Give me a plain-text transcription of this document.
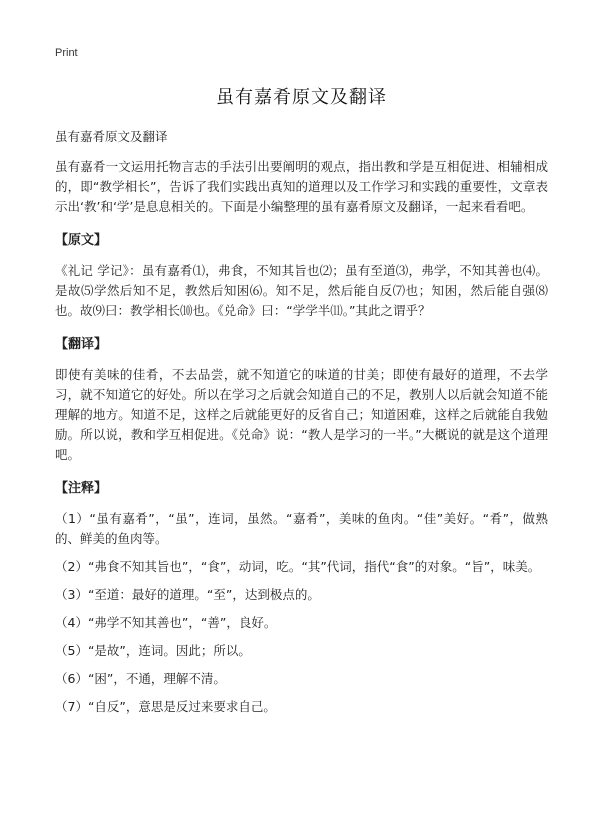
Print
虽有嘉肴原文及翻译

虽有嘉肴原文及翻译

虽有嘉肴一文运用托物言志的手法引出要阐明的观点，指出教和学是互相促进、相辅相成的，即“教学相长”，告诉了我们实践出真知的道理以及工作学习和实践的重要性，文章表示出‘教’和‘学’是息息相关的。下面是小编整理的虽有嘉肴原文及翻译，一起来看看吧。

【原文】

《礼记 学记》：虽有嘉肴⑴，弗食，不知其旨也⑵；虽有至道⑶，弗学，不知其善也⑷。是故⑸学然后知不足，教然后知困⑹。知不足，然后能自反⑺也；知困，然后能自强⑻也。故⑼曰：教学相长⑽也。《兑命》曰：“学学半⑾。”其此之谓乎？

【翻译】

即使有美味的佳肴，不去品尝，就不知道它的味道的甘美；即使有最好的道理，不去学习，就不知道它的好处。所以在学习之后就会知道自己的不足，教别人以后就会知道不能理解的地方。知道不足，这样之后就能更好的反省自己；知道困难，这样之后就能自我勉励。所以说，教和学互相促进。《兑命》说：“教人是学习的一半。”大概说的就是这个道理吧。

【注释】

（1）“虽有嘉肴”，“虽”，连词，虽然。“嘉肴”，美味的鱼肉。“佳”美好。“肴”，做熟的、鲜美的鱼肉等。

（2）“弗食不知其旨也”，“食”，动词，吃。“其”代词，指代“食”的对象。“旨”，味美。

（3）“至道：最好的道理。“至”，达到极点的。

（4）“弗学不知其善也”，“善”，良好。

（5）“是故”，连词。因此；所以。

（6）“困”，不通，理解不清。

（7）“自反”，意思是反过来要求自己。
